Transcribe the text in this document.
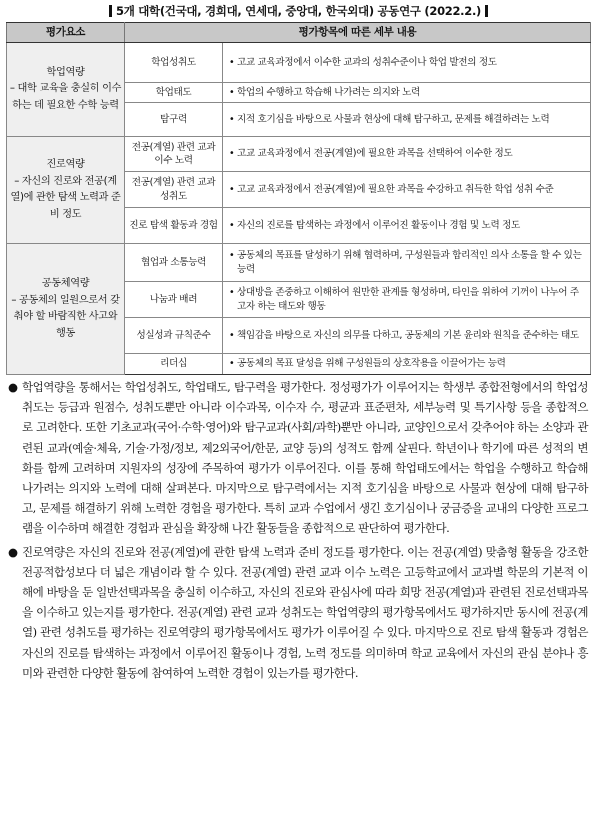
5개 대학(건국대, 경희대, 연세대, 중앙대, 한국외대) 공동연구 (2022.2.)
평가요소	평가항목에 따른 세부 내용	
학업역량
– 대학 교육을 충실히 이수하는 데 필요한 수학 능력	학업성취도	• 고교 교육과정에서 이수한 교과의 성취수준이나 학업 발전의 정도
	학업태도	• 학업의 수행하고 학습해 나가려는 의지와 노력
	탐구력	• 지적 호기심을 바탕으로 사물과 현상에 대해 탐구하고, 문제를 해결하려는 노력
진로역량
– 자신의 진로와 전공(계열)에 관한 탐색 노력과 준비 정도	전공(계열) 관련 교과 이수 노력	• 고교 교육과정에서 전공(계열)에 필요한 과목을 선택하여 이수한 정도
	전공(계열) 관련 교과 성취도	• 고교 교육과정에서 전공(계열)에 필요한 과목을 수강하고 취득한 학업 성취 수준
	진로 탐색 활동과 경험	• 자신의 진로를 탐색하는 과정에서 이루어진 활동이나 경험 및 노력 정도
공동체역량
– 공동체의 일원으로서 갖춰야 할 바람직한 사고와 행동	협업과 소통능력	• 공동체의 목표를 달성하기 위해 협력하며, 구성원들과 합리적인 의사 소통을 할 수 있는 능력
	나눔과 배려	• 상대방을 존중하고 이해하여 원만한 관계를 형성하며, 타인을 위하여 기꺼이 나누어 주고자 하는 태도와 행동
	성실성과 규칙준수	• 책임감을 바탕으로 자신의 의무를 다하고, 공동체의 기본 윤리와 원칙을 준수하는 태도
	리더십	• 공동체의 목표 달성을 위해 구성원들의 상호작용을 이끌어가는 능력

● 학업역량을 통해서는 학업성취도, 학업태도, 탐구력을 평가한다. 정성평가가 이루어지는 학생부 종합전형에서의 학업성취도는 등급과 원점수, 성취도뿐만 아니라 이수과목, 이수자 수, 평균과 표준편차, 세부능력 및 특기사항 등을 종합적으로 고려한다. 또한 기초교과(국어·수학·영어)와 탐구교과(사회/과학)뿐만 아니라, 교양인으로서 갖추어야 하는 소양과 관련된 교과(예술·체육, 기술·가정/정보, 제2외국어/한문, 교양 등)의 성적도 함께 살핀다. 학년이나 학기에 따른 성적의 변화를 함께 고려하며 지원자의 성장에 주목하여 평가가 이루어진다. 이를 통해 학업태도에서는 학업을 수행하고 학습해 나가려는 의지와 노력에 대해 살펴본다. 마지막으로 탐구력에서는 지적 호기심을 바탕으로 사물과 현상에 대해 탐구하고, 문제를 해결하기 위해 노력한 경험을 평가한다. 특히 교과 수업에서 생긴 호기심이나 궁금증을 교내의 다양한 프로그램을 이수하며 해결한 경험과 관심을 확장해 나간 활동들을 종합적으로 판단하여 평가한다.

● 진로역량은 자신의 진로와 전공(계열)에 관한 탐색 노력과 준비 정도를 평가한다. 이는 전공(계열) 맞춤형 활동을 강조한 전공적합성보다 더 넓은 개념이라 할 수 있다. 전공(계열) 관련 교과 이수 노력은 고등학교에서 교과별 학문의 기본적 이해에 바탕을 둔 일반선택과목을 충실히 이수하고, 자신의 진로와 관심사에 따라 희망 전공(계열)과 관련된 진로선택과목을 이수하고 있는지를 평가한다. 전공(계열) 관련 교과 성취도는 학업역량의 평가항목에서도 평가하지만 동시에 전공(계열) 관련 성취도를 평가하는 진로역량의 평가항목에서도 평가가 이루어질 수 있다. 마지막으로 진로 탐색 활동과 경험은 자신의 진로를 탐색하는 과정에서 이루어진 활동이나 경험, 노력 정도를 의미하며 학교 교육에서 자신의 관심 분야나 흥미와 관련한 다양한 활동에 참여하여 노력한 경험이 있는가를 평가한다.
